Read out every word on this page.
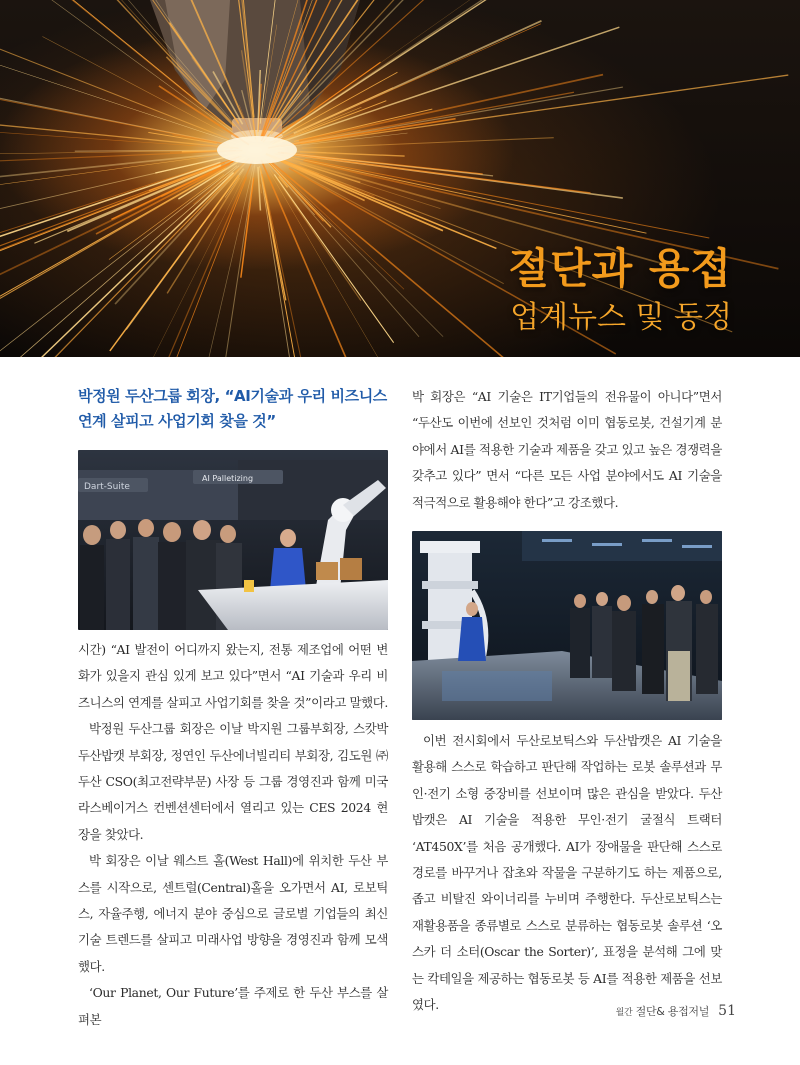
절단과 용접
업계뉴스 및 동정
박정원 두산그룹 회장, “AI기술과 우리 비즈니스 연계 살피고 사업기회 찾을 것”
Dart-Suite
AI Palletizing

시간) “AI 발전이 어디까지 왔는지, 전통 제조업에 어떤 변화가 있을지 관심 있게 보고 있다”면서 “AI 기술과 우리 비즈니스의 연계를 살피고 사업기회를 찾을 것”이라고 말했다.

박정원 두산그룹 회장은 이날 박지원 그룹부회장, 스캇박 두산밥캣 부회장, 정연인 두산에너빌리티 부회장, 김도원 ㈜두산 CSO(최고전략부문) 사장 등 그룹 경영진과 함께 미국 라스베이거스 컨벤션센터에서 열리고 있는 CES 2024 현장을 찾았다.

박 회장은 이날 웨스트 홀(West Hall)에 위치한 두산 부스를 시작으로, 센트럴(Central)홀을 오가면서 AI, 로보틱스, 자율주행, 에너지 분야 중심으로 글로벌 기업들의 최신기술 트렌드를 살피고 미래사업 방향을 경영진과 함께 모색했다.

‘Our Planet, Our Future’를 주제로 한 두산 부스를 살펴본

박 회장은 “AI 기술은 IT기업들의 전유물이 아니다”면서 “두산도 이번에 선보인 것처럼 이미 협동로봇, 건설기계 분야에서 AI를 적용한 기술과 제품을 갖고 있고 높은 경쟁력을 갖추고 있다” 면서 “다른 모든 사업 분야에서도 AI 기술을 적극적으로 활용해야 한다”고 강조했다.

이번 전시회에서 두산로보틱스와 두산밥캣은 AI 기술을 활용해 스스로 학습하고 판단해 작업하는 로봇 솔루션과 무인·전기 소형 중장비를 선보이며 많은 관심을 받았다. 두산밥캣은 AI 기술을 적용한 무인·전기 굴절식 트랙터 ‘AT450X’를 처음 공개했다. AI가 장애물을 판단해 스스로 경로를 바꾸거나 잡초와 작물을 구분하기도 하는 제품으로, 좁고 비탈진 와이너리를 누비며 주행한다. 두산로보틱스는 재활용품을 종류별로 스스로 분류하는 협동로봇 솔루션 ‘오스카 더 소터(Oscar the Sorter)’, 표정을 분석해 그에 맞는 칵테일을 제공하는 협동로봇 등 AI를 적용한 제품을 선보였다.

월간 절단& 용접저널 51
